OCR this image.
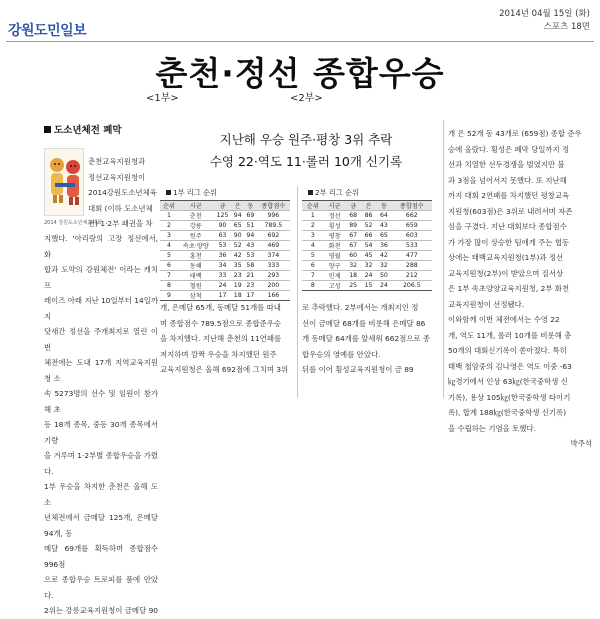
강원도민일보
2014년 04월 15일 (화)
스포츠 18면
춘천·정선 종합우승
<1부>	<2부>
도소년체전 폐막
2014 강원도소년체육대회
춘천교육지원청과
정선교육지원청이
2014강원도소년체육
대회 (이하 도소년체
전) 1·2부 패권을 차
지했다. '아리랑의 고장 정선에서, 화
합과 도약의 강원체전' 이라는 캐치프
레이즈 아래 지난 10일부터 14일까지
닷새간 정선을 주개최지로 열린 이번
체전에는 도내 17개 지역교육지원청 소
속 5273명의 선수 및 임원이 참가해 초
등 18개 종목, 중등 30개 종목에서 기량
을 겨루며 1·2부별 종합우승을 가렸다.
1부 우승을 차지한 춘천은 올해 도소
년체전에서 금메달 125개, 은메달 94개, 동
메달 69개를 획득하며 종합점수 996점
으로 종합우승 트로피를 품에 안았다.
2위는 강릉교육지원청이 금메달 90
지난해 우승 원주·평창 3위 추락
수영 22·역도 11·롤러 10개 신기록
1부 리그 순위
순위	시군	금	은	동	종합점수
1	춘천	125	94	69	996
2	강릉	90	65	51	789.5
3	원주	63	90	94	692
4	속초·양양	53	52	43	469
5	홍천	36	42	53	374
6	동해	34	35	58	333
7	태백	33	23	21	293
8	철원	24	19	23	200
9	삼척	17	18	17	166
2부 리그 순위
순위	시군	금	은	동	종합점수
1	정선	68	86	64	662
2	횡성	89	52	43	659
3	평창	67	66	65	603
4	화천	67	54	36	533
5	영월	60	45	42	477
6	양구	32	32	32	288
7	인제	18	24	50	212
8	고성	25	15	24	206.5
개, 은메달 65개, 동메달 51개를 따내
며 종합점수 789.5점으로 종합준우승
을 차지했다. 지난해 춘천의 11연패를
저지하며 깜짝 우승을 차지했던 원주
교육지원청은 올해 692점에 그치며 3위
로 추락했다. 2부에서는 개최지인 정
선이 금메달 68개를 비롯해 은메달 86
개 동메달 64개를 앞세워 662점으로 종
합우승의 영예를 안았다.
뒤를 이어 횡성교육지원청이 금 89
개 은 52개 동 43개로 (659점) 종합 준우
승에 올랐다. 횡성은 폐막 당일까지 정
선과 치열한 선두경쟁을 벌였지만 불
과 3점을 넘어서지 못했다. 또 지난해
까지 대회 2연패를 차지했던 평창교육
지원청(603점)은 3위로 내려서며 자존
심을 구겼다. 지난 대회보다 종합점수
가 가장 많이 상승한 팀에게 주는 협동
상에는 태백교육지원청(1부)과 정선
교육지원청(2부)이 받았으며 질서상
은 1부 속초양양교육지원청, 2부 화천
교육지원청이 선정됐다.
이와함께 이번 체전에서는 수영 22
개, 역도 11개, 롤러 10개를 비롯해 총
50개의 대회신기록이 쏟아졌다. 특히
태백 철암중의 김나영은 역도 이중 -63
㎏경기에서 인상 63㎏(한국중학생 신
기록), 용상 105㎏(한국중학생 타이기
록), 합계 188㎏(한국중학생 신기록)
을 수립하는 기염을 토했다.
박주석
